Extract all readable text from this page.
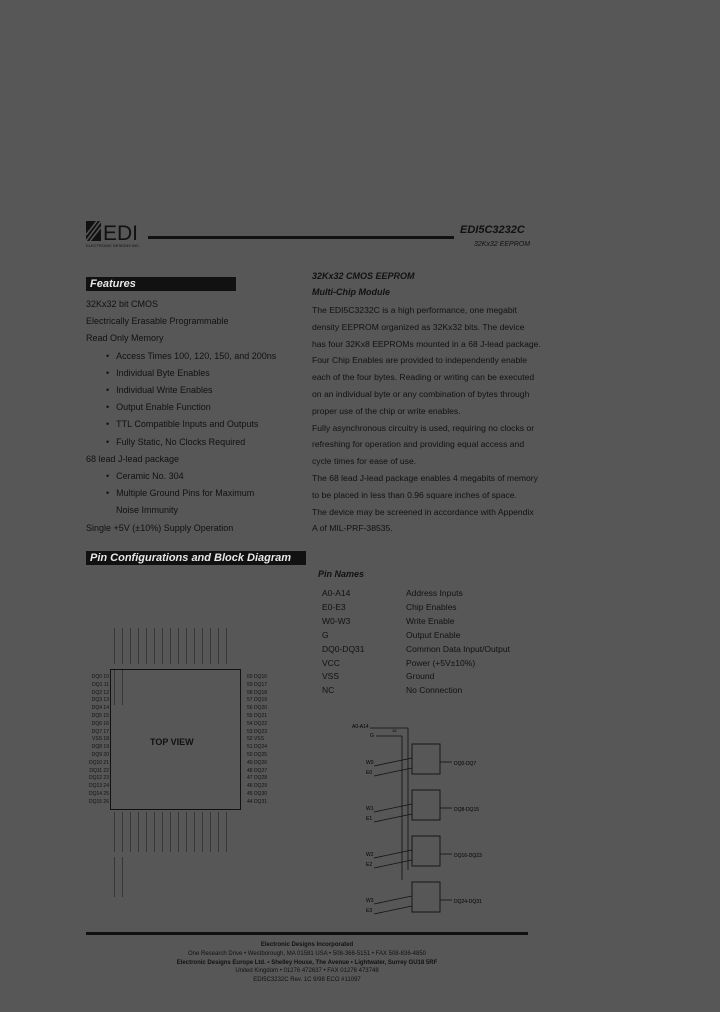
EDI
ELECTRONIC DESIGNS INC.
EDI5C3232C
32Kx32 EEPROM
Features
32Kx32 bit CMOS
Electrically Erasable Programmable
Read Only Memory
• Access Times 100, 120, 150, and 200ns
• Individual Byte Enables
• Individual Write Enables
• Output Enable Function
• TTL Compatible Inputs and Outputs
• Fully Static, No Clocks Required
68 lead J-lead package
• Ceramic No. 304
• Multiple Ground Pins for Maximum
Noise Immunity
Single +5V (±10%) Supply Operation
32Kx32 CMOS EEPROM
Multi-Chip Module
The EDI5C3232C is a high performance, one megabit
density EEPROM organized as 32Kx32 bits. The device
has four 32Kx8 EEPROMs mounted in a 68 J-lead package.
Four Chip Enables are provided to independently enable
each of the four bytes. Reading or writing can be executed
on an individual byte or any combination of bytes through
proper use of the chip or write enables.
Fully asynchronous circuitry is used, requiring no clocks or
refreshing for operation and providing equal access and
cycle times for ease of use.
The 68 lead J-lead package enables 4 megabits of memory
to be placed in less than 0.96 square inches of space.
The device may be screened in accordance with Appendix
A of MIL-PRF-38535.
Pin Configurations and Block Diagram
TOP VIEW
DQ0 10
DQ1 11
DQ2 12
DQ3 13
DQ4 14
DQ5 15
DQ6 16
DQ7 17
VSS 18
DQ8 19
DQ9 20
DQ10 21
DQ11 22
DQ12 23
DQ13 24
DQ14 25
DQ15 26
60 DQ16
59 DQ17
58 DQ18
57 DQ19
56 DQ20
55 DQ21
54 DQ22
53 DQ23
52 VSS
51 DQ24
50 DQ25
49 DQ26
48 DQ27
47 DQ28
46 DQ29
45 DQ30
44 DQ31
Pin Names
A0-A14	Address Inputs
E0-E3	Chip Enables
W0-W3	Write Enable
G	Output Enable
DQ0-DQ31	Common Data Input/Output
VCC	Power (+5V±10%)
VSS	Ground
NC	No Connection
A0-A14
G
15
W0
E0
DQ0-DQ7
W1
E1
DQ8-DQ15
W2
E2
DQ16-DQ23
W3
E3
DQ24-DQ31
Electronic Designs Incorporated
One Research Drive • Westborough, MA 01581 USA • 508-366-5151 • FAX 508-836-4850
Electronic Designs Europe Ltd. • Shelley House, The Avenue • Lightwater, Surrey GU18 5RF
United Kingdom • 01276 472637 • FAX 01276 473748
EDI5C3232C Rev. 1C 9/98 ECO #11097
